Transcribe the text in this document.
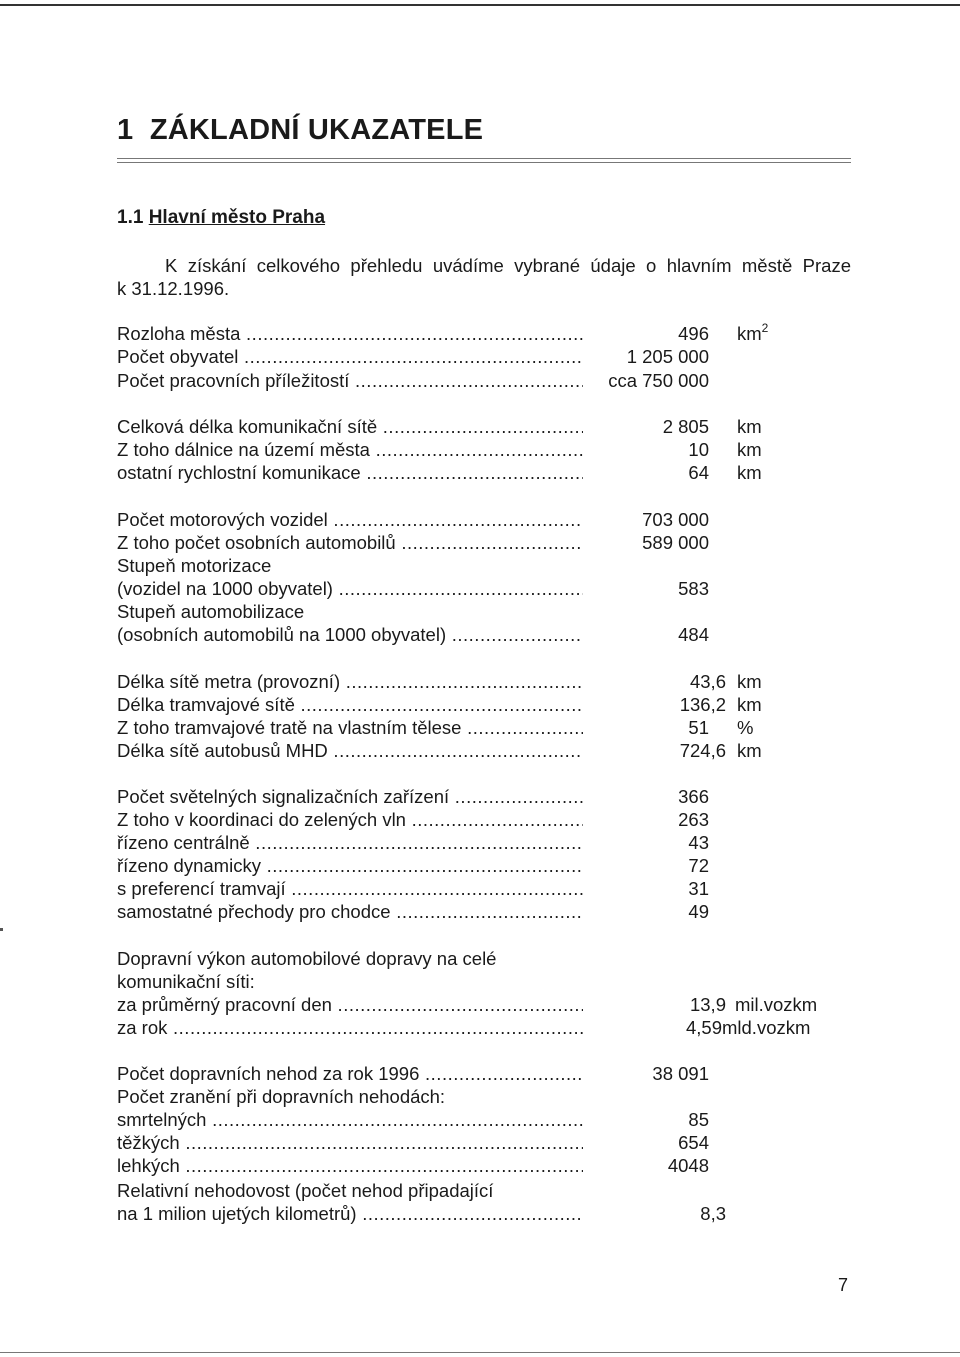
1 ZÁKLADNÍ UKAZATELE
1.1 Hlavní město Praha
K získání celkového přehledu uvádíme vybrané údaje o hlavním městě Praze
k 31.12.1996.
Rozloha města .....	496 $km^2$
Počet obyvatel .....	1 205 000
Počet pracovních příležitostí .....	cca 750 000
Celková délka komunikační sítě .....	2 805 km
Z toho dálnice na území města .....	10 km
ostatní rychlostní komunikace .....	64 km
Počet motorových vozidel .....	703 000
Z toho počet osobních automobilů .....	589 000
Stupeň motorizace
(vozidel na 1000 obyvatel) .....	583
Stupeň automobilizace
(osobních automobilů na 1000 obyvatel) .....	484
Délka sítě metra (provozní) .....	43,6 km
Délka tramvajové sítě .....	136,2 km
Z toho tramvajové tratě na vlastním tělese .....	51 %
Délka sítě autobusů MHD .....	724,6 km
Počet světelných signalizačních zařízení .....	366
Z toho v koordinaci do zelených vln .....	263
řízeno centrálně .....	43
řízeno dynamicky .....	72
s preferencí tramvají .....	31
samostatné přechody pro chodce .....	49
Dopravní výkon automobilové dopravy na celé
komunikační síti:
za průměrný pracovní den .....	13,9 mil.vozkm
za rok .....	4,59 mld.vozkm
Počet dopravních nehod za rok 1996 .....	38 091
Počet zranění při dopravních nehodách:
smrtelných .....	85
těžkých .....	654
lehkých .....	4048
Relativní nehodovost (počet nehod připadající
na 1 milion ujetých kilometrů) .....	8,3
7
